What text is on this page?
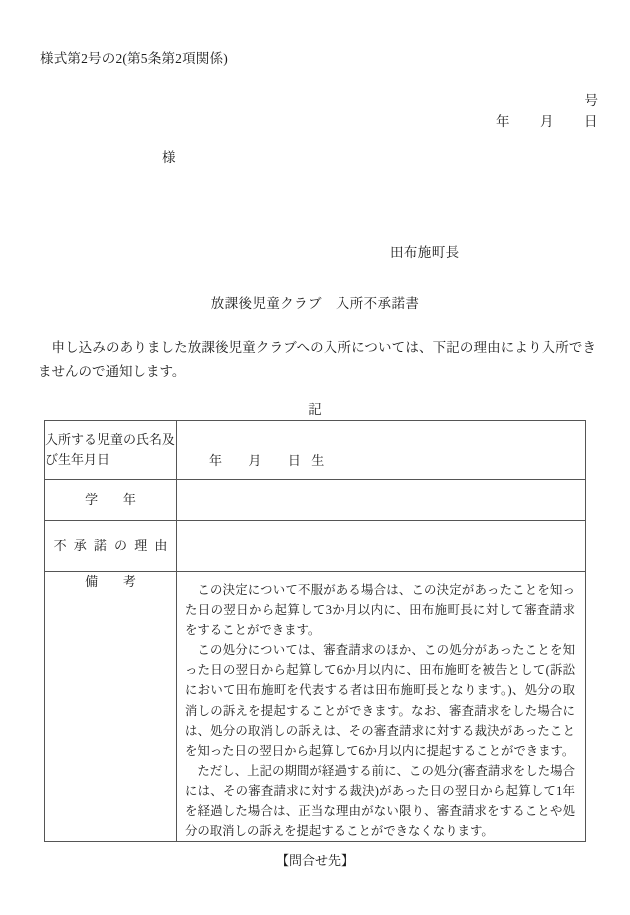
様式第2号の2(第5条第2項関係)
号
年 月 日
様
田布施町長
放課後児童クラブ　入所不承諾書
申し込みのありました放課後児童クラブへの入所については、下記の理由により入所できませんので通知します。
記
入所する児童の氏名及び生年月日	年 月 日 生

学年	
不承諾の理由	
備考	この決定について不服がある場合は、この決定があったことを知った日の翌日から起算して3か月以内に、田布施町長に対して審査請求をすることができます。

この処分については、審査請求のほか、この処分があったことを知った日の翌日から起算して6か月以内に、田布施町を被告として(訴訟において田布施町を代表する者は田布施町長となります。)、処分の取消しの訴えを提起することができます。なお、審査請求をした場合には、処分の取消しの訴えは、その審査請求に対する裁決があったことを知った日の翌日から起算して6か月以内に提起することができます。

ただし、上記の期間が経過する前に、この処分(審査請求をした場合には、その審査請求に対する裁決)があった日の翌日から起算して1年を経過した場合は、正当な理由がない限り、審査請求をすることや処分の取消しの訴えを提起することができなくなります。

【問合せ先】
